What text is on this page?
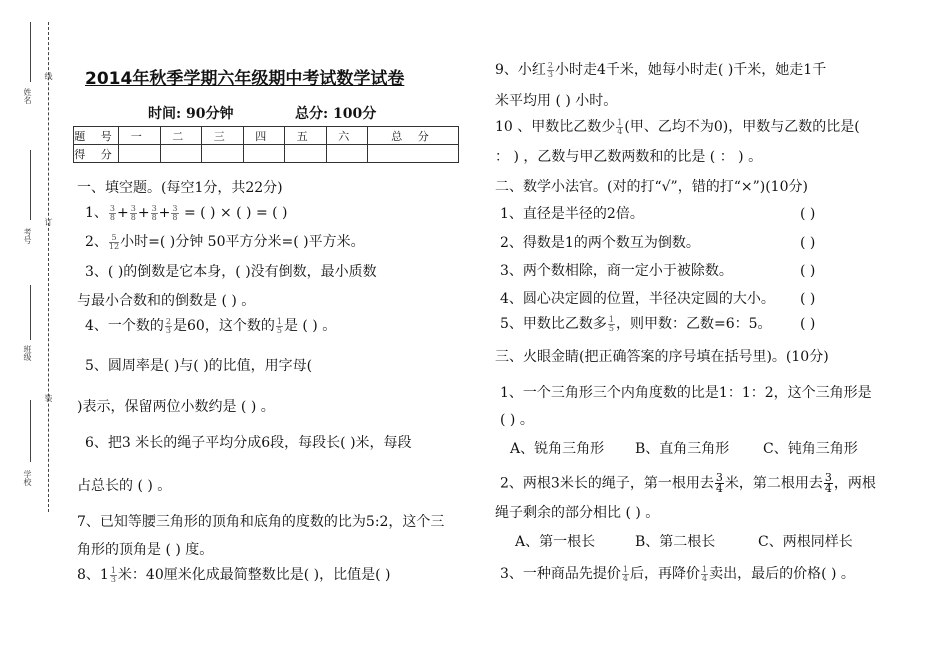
姓名
线
考号
订
班级
装
学校
2014年秋季学期六年级期中考试数学试卷
时间: 90分钟	总分: 100分
题 号	一	二	三	四	五	六	总 分
得 分							
一、填空题。(每空1分，共22分)
1、 $\frac{3}{8} + \frac{3}{8} + \frac{3}{8} + \frac{3}{8}$ = ( ) × ( ) = ( )
2、 $\frac{5}{12}$ 小时=( )分钟 50平方分米=( )平方米。
3、( )的倒数是它本身，( )没有倒数，最小质数
与最小合数和的倒数是 ( ) 。
4、一个数的 $\frac{2}{3}$ 是60，这个数的 $\frac{1}{5}$ 是 ( ) 。
5、圆周率是( )与( )的比值，用字母(
)表示，保留两位小数约是 ( ) 。
6、把3 米长的绳子平均分成6段，每段长( )米，每段
占总长的 ( ) 。
7、已知等腰三角形的顶角和底角的度数的比为5:2，这个三
角形的顶角是 ( ) 度。
8、$1 \frac{1}{3}$ 米：40厘米化成最简整数比是( )，比值是( )
9、小红 $\frac{2}{3}$ 小时走4千米，她每小时走( )千米，她走1千
米平均用 ( ) 小时。
10 、甲数比乙数少 $\frac{1}{4}$ (甲、乙均不为0)，甲数与乙数的比是(
： ) ，乙数与甲乙数两数和的比是 ( ： ) 。
二、数学小法官。(对的打“√”，错的打“×”)(10分)
1、直径是半径的2倍。	( )
2、得数是1的两个数互为倒数。	( )
3、两个数相除，商一定小于被除数。	( )
4、圆心决定圆的位置，半径决定圆的大小。 ( )
5、甲数比乙数多 $\frac{1}{5}$ ，则甲数：乙数=6：5。 ( )
三、火眼金睛(把正确答案的序号填在括号里)。(10分)
1、一个三角形三个内角度数的比是1：1：2，这个三角形是
( ) 。
A、锐角三角形 B、直角三角形 C、钝角三角形
2、两根3米长的绳子，第一根用去 $\frac{3}{4}$ 米，第二根用去 $\frac{3}{4}$ ，两根
绳子剩余的部分相比 ( ) 。
A、第一根长	B、第二根长	C、两根同样长
3、一种商品先提价 $\frac{1}{4}$ 后，再降价 $\frac{1}{4}$ 卖出，最后的价格( ) 。
